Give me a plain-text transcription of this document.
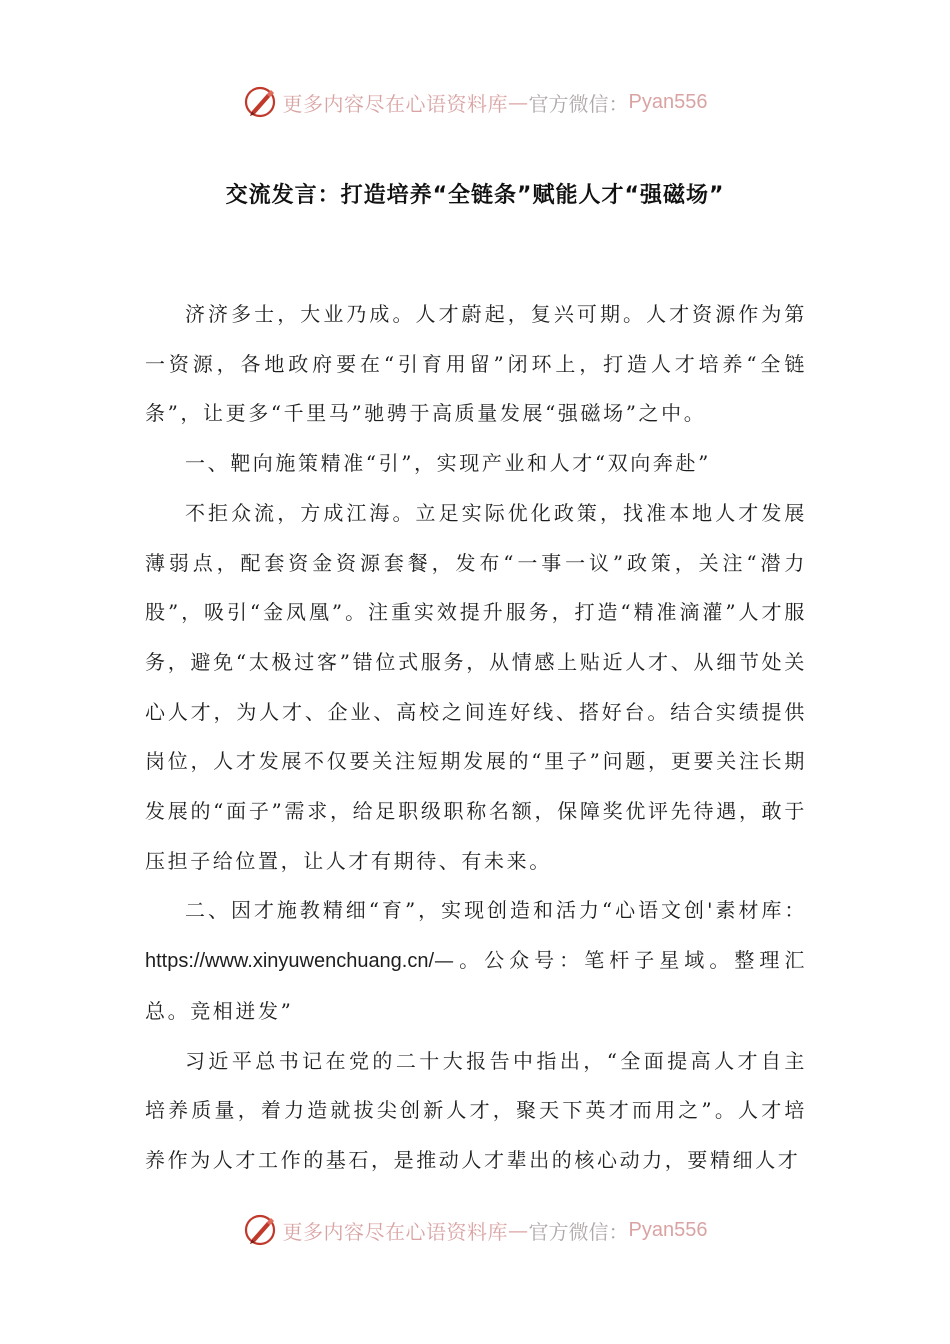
更多内容尽在心语资料库 — 官方微信： Pyan556
交流发言：打造培养“全链条”赋能人才“强磁场”

济济多士，大业乃成。人才蔚起，复兴可期。人才资源作为第一资源，各地政府要在“引育用留”闭环上，打造人才培养“全链条”，让更多“千里马”驰骋于高质量发展“强磁场”之中。

一、靶向施策精准“引”，实现产业和人才“双向奔赴”

不拒众流，方成江海。立足实际优化政策，找准本地人才发展薄弱点，配套资金资源套餐，发布“一事一议”政策，关注“潜力股”，吸引“金凤凰”。注重实效提升服务，打造“精准滴灌”人才服务，避免“太极过客”错位式服务，从情感上贴近人才、从细节处关心人才，为人才、企业、高校之间连好线、搭好台。结合实绩提供岗位，人才发展不仅要关注短期发展的“里子”问题，更要关注长期发展的“面子”需求，给足职级职称名额，保障奖优评先待遇，敢于压担子给位置，让人才有期待、有未来。

二、因才施教精细“育”，实现创造和活力“心语文创'素材库：https://www.xinyuwenchuang.cn/—。公众号：笔杆子星域。整理汇总。竞相迸发”

习近平总书记在党的二十大报告中指出，“全面提高人才自主培养质量，着力造就拔尖创新人才，聚天下英才而用之”。人才培养作为人才工作的基石，是推动人才辈出的核心动力，要精细人才

更多内容尽在心语资料库 — 官方微信： Pyan556
